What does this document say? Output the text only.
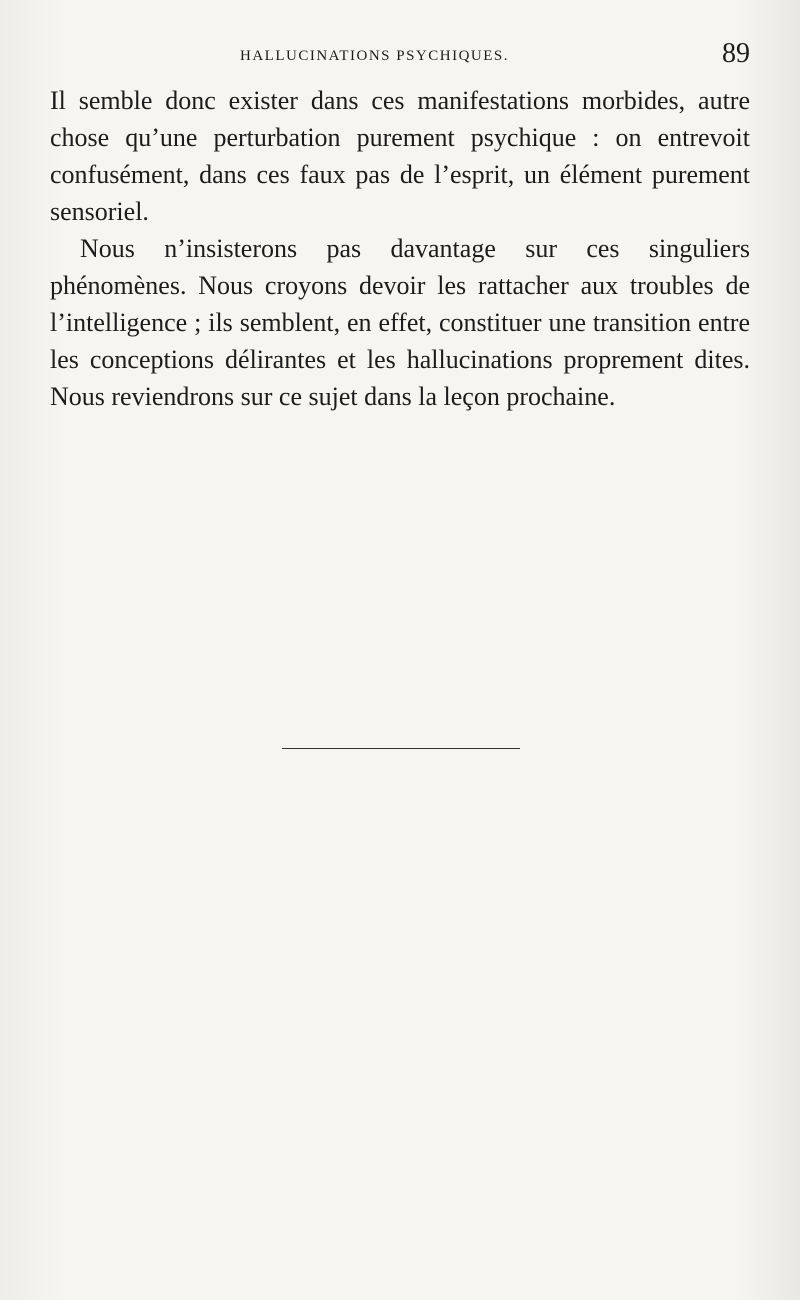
HALLUCINATIONS PSYCHIQUES.	89

Il semble donc exister dans ces manifestations morbides, autre chose qu’une perturbation purement psychique : on entrevoit confusément, dans ces faux pas de l’esprit, un élément purement sensoriel.

Nous n’insisterons pas davantage sur ces singuliers phénomènes. Nous croyons devoir les rattacher aux troubles de l’intelligence ; ils semblent, en effet, constituer une transition entre les conceptions délirantes et les hallucinations proprement dites. Nous reviendrons sur ce sujet dans la leçon prochaine.
